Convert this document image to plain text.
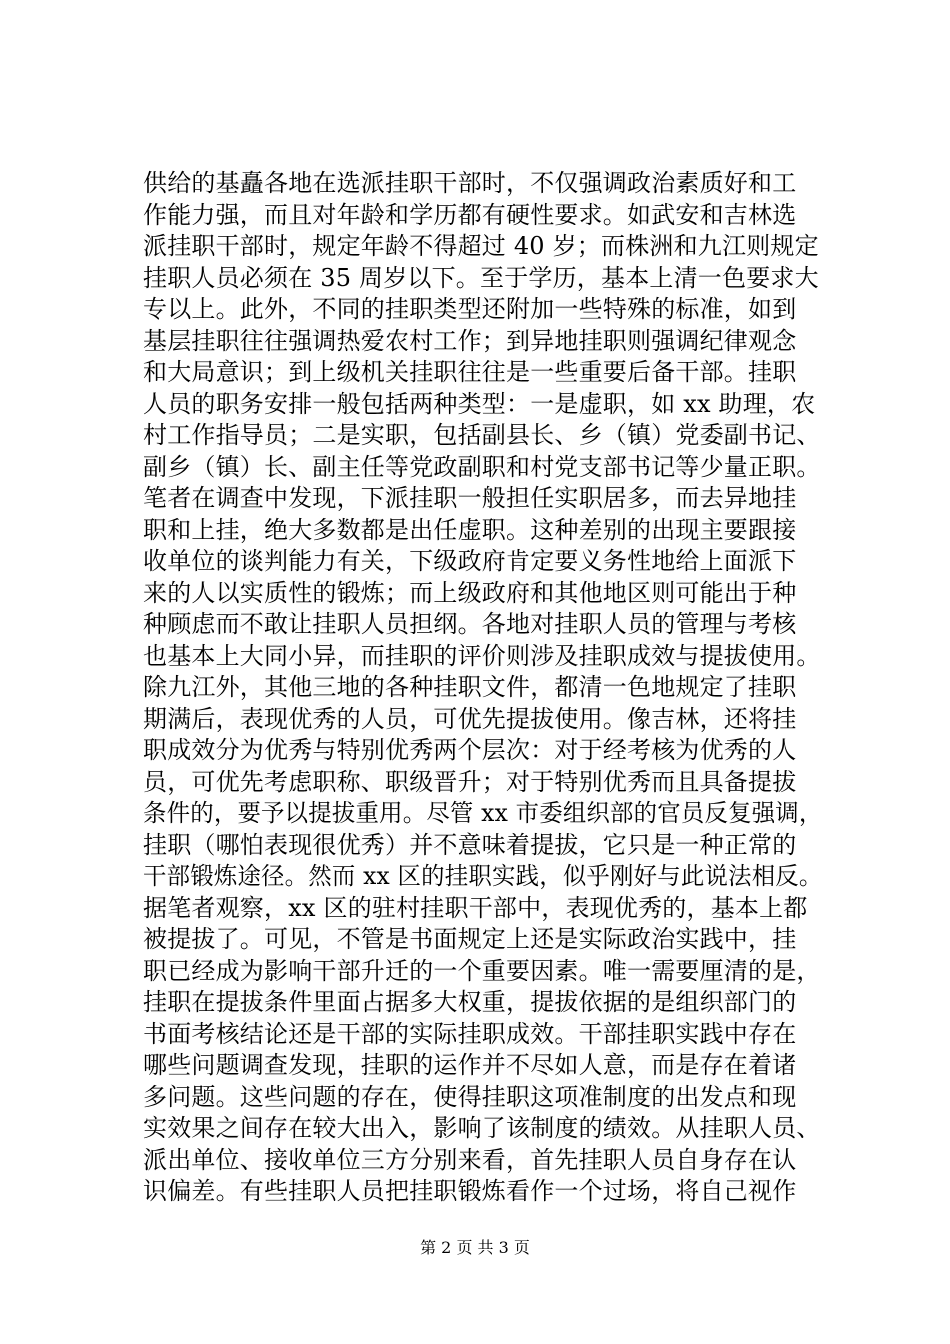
供给的基矗各地在选派挂职干部时，不仅强调政治素质好和工
作能力强，而且对年龄和学历都有硬性要求。如武安和吉林选
派挂职干部时，规定年龄不得超过 40 岁；而株洲和九江则规定
挂职人员必须在 35 周岁以下。至于学历，基本上清一色要求大
专以上。此外，不同的挂职类型还附加一些特殊的标准，如到
基层挂职往往强调热爱农村工作；到异地挂职则强调纪律观念
和大局意识；到上级机关挂职往往是一些重要后备干部。挂职
人员的职务安排一般包括两种类型：一是虚职，如 xx 助理，农
村工作指导员；二是实职，包括副县长、乡（镇）党委副书记、
副乡（镇）长、副主任等党政副职和村党支部书记等少量正职。
笔者在调查中发现，下派挂职一般担任实职居多，而去异地挂
职和上挂，绝大多数都是出任虚职。这种差别的出现主要跟接
收单位的谈判能力有关，下级政府肯定要义务性地给上面派下
来的人以实质性的锻炼；而上级政府和其他地区则可能出于种
种顾虑而不敢让挂职人员担纲。各地对挂职人员的管理与考核
也基本上大同小异，而挂职的评价则涉及挂职成效与提拔使用。
除九江外，其他三地的各种挂职文件，都清一色地规定了挂职
期满后，表现优秀的人员，可优先提拔使用。像吉林，还将挂
职成效分为优秀与特别优秀两个层次：对于经考核为优秀的人
员，可优先考虑职称、职级晋升；对于特别优秀而且具备提拔
条件的，要予以提拔重用。尽管 xx 市委组织部的官员反复强调，
挂职（哪怕表现很优秀）并不意味着提拔，它只是一种正常的
干部锻炼途径。然而 xx 区的挂职实践，似乎刚好与此说法相反。
据笔者观察，xx 区的驻村挂职干部中，表现优秀的，基本上都
被提拔了。可见，不管是书面规定上还是实际政治实践中，挂
职已经成为影响干部升迁的一个重要因素。唯一需要厘清的是，
挂职在提拔条件里面占据多大权重，提拔依据的是组织部门的
书面考核结论还是干部的实际挂职成效。干部挂职实践中存在
哪些问题调查发现，挂职的运作并不尽如人意，而是存在着诸
多问题。这些问题的存在，使得挂职这项准制度的出发点和现
实效果之间存在较大出入，影响了该制度的绩效。从挂职人员、
派出单位、接收单位三方分别来看，首先挂职人员自身存在认
识偏差。有些挂职人员把挂职锻炼看作一个过场，将自己视作
第 2 页 共 3 页
